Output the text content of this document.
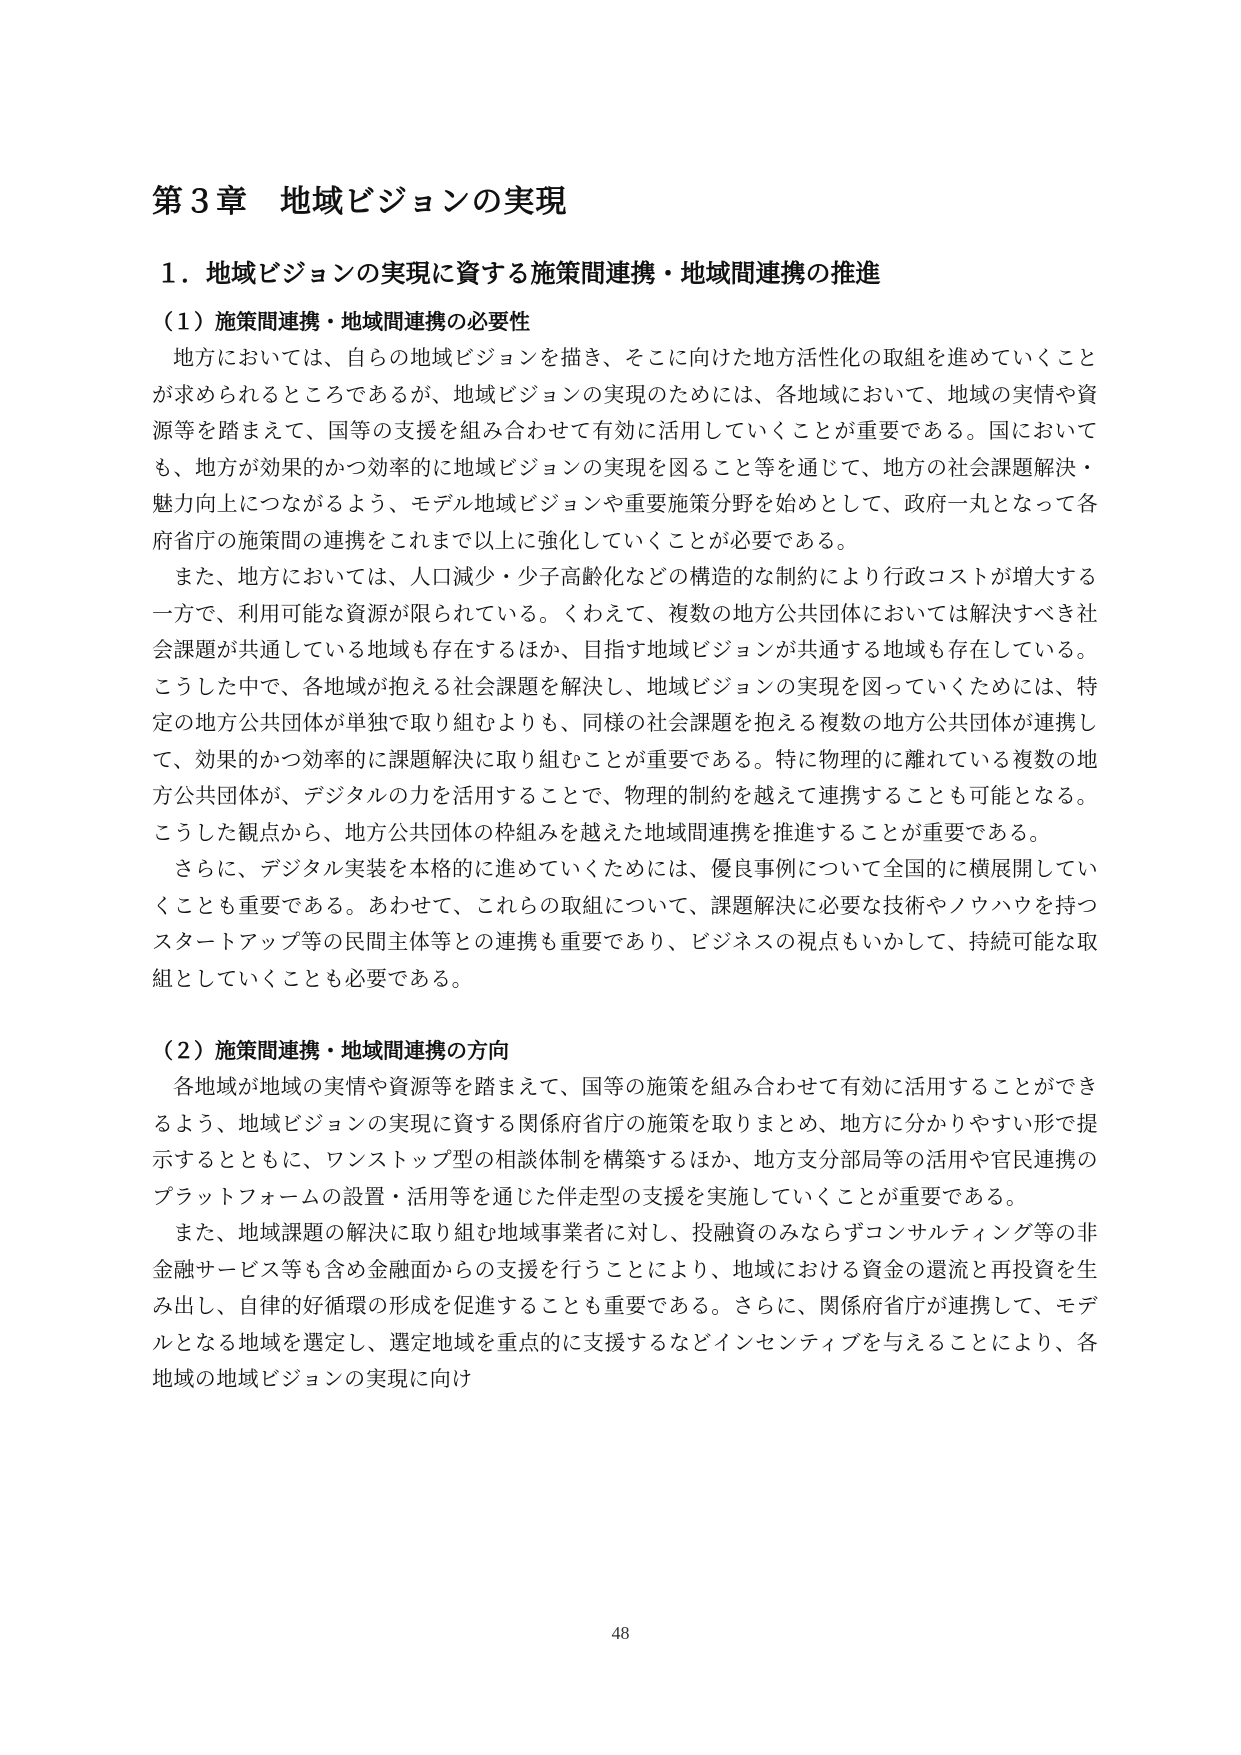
第３章　地域ビジョンの実現
１．地域ビジョンの実現に資する施策間連携・地域間連携の推進
（１）施策間連携・地域間連携の必要性

地方においては、自らの地域ビジョンを描き、そこに向けた地方活性化の取組を進めていくことが求められるところであるが、地域ビジョンの実現のためには、各地域において、地域の実情や資源等を踏まえて、国等の支援を組み合わせて有効に活用していくことが重要である。国においても、地方が効果的かつ効率的に地域ビジョンの実現を図ること等を通じて、地方の社会課題解決・魅力向上につながるよう、モデル地域ビジョンや重要施策分野を始めとして、政府一丸となって各府省庁の施策間の連携をこれまで以上に強化していくことが必要である。

また、地方においては、人口減少・少子高齢化などの構造的な制約により行政コストが増大する一方で、利用可能な資源が限られている。くわえて、複数の地方公共団体においては解決すべき社会課題が共通している地域も存在するほか、目指す地域ビジョンが共通する地域も存在している。こうした中で、各地域が抱える社会課題を解決し、地域ビジョンの実現を図っていくためには、特定の地方公共団体が単独で取り組むよりも、同様の社会課題を抱える複数の地方公共団体が連携して、効果的かつ効率的に課題解決に取り組むことが重要である。特に物理的に離れている複数の地方公共団体が、デジタルの力を活用することで、物理的制約を越えて連携することも可能となる。こうした観点から、地方公共団体の枠組みを越えた地域間連携を推進することが重要である。

さらに、デジタル実装を本格的に進めていくためには、優良事例について全国的に横展開していくことも重要である。あわせて、これらの取組について、課題解決に必要な技術やノウハウを持つスタートアップ等の民間主体等との連携も重要であり、ビジネスの視点もいかして、持続可能な取組としていくことも必要である。

（２）施策間連携・地域間連携の方向

各地域が地域の実情や資源等を踏まえて、国等の施策を組み合わせて有効に活用することができるよう、地域ビジョンの実現に資する関係府省庁の施策を取りまとめ、地方に分かりやすい形で提示するとともに、ワンストップ型の相談体制を構築するほか、地方支分部局等の活用や官民連携のプラットフォームの設置・活用等を通じた伴走型の支援を実施していくことが重要である。

また、地域課題の解決に取り組む地域事業者に対し、投融資のみならずコンサルティング等の非金融サービス等も含め金融面からの支援を行うことにより、地域における資金の還流と再投資を生み出し、自律的好循環の形成を促進することも重要である。さらに、関係府省庁が連携して、モデルとなる地域を選定し、選定地域を重点的に支援するなどインセンティブを与えることにより、各地域の地域ビジョンの実現に向け

48
